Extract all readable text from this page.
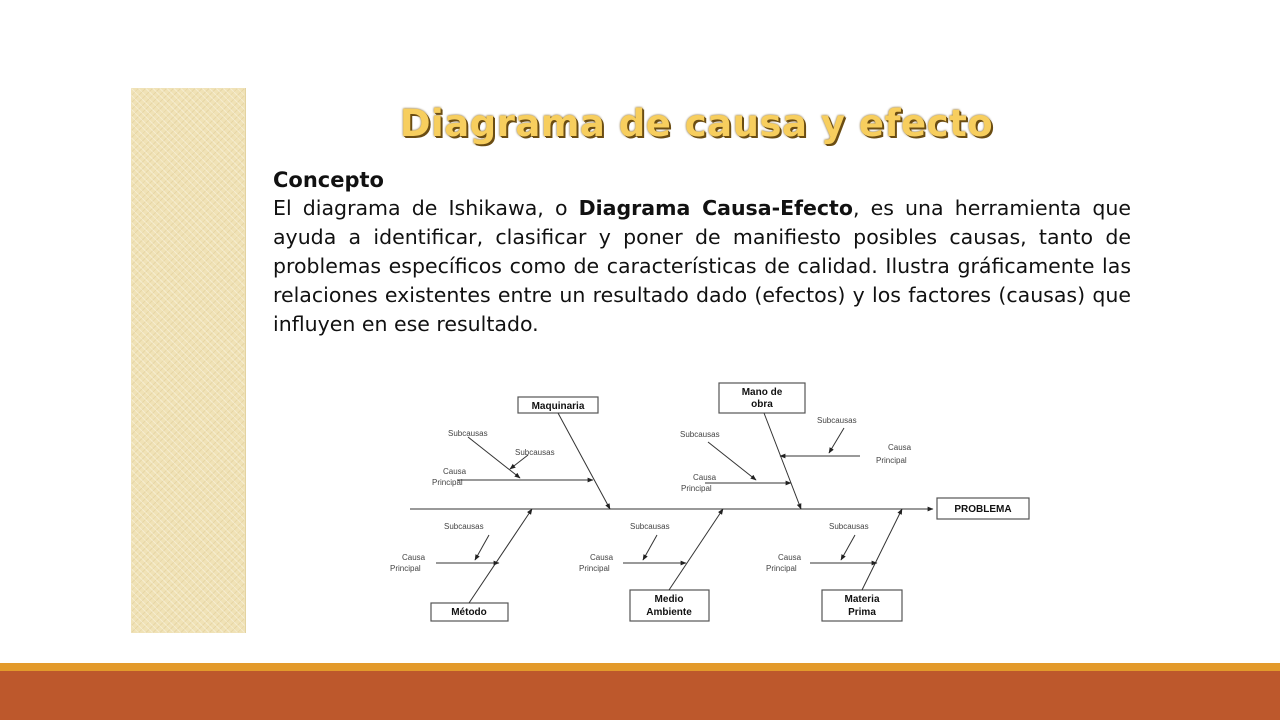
Diagrama de causa y efecto
Concepto

El diagrama de Ishikawa, o Diagrama Causa-Efecto, es una herramienta que ayuda a identificar, clasificar y poner de manifiesto posibles causas, tanto de problemas específicos como de características de calidad. Ilustra gráficamente las relaciones existentes entre un resultado dado (efectos) y los factores (causas) que influyen en ese resultado.

PROBLEMA
Maquinaria
Subcausas
Subcausas
Causa
Principal
Mano de
obra
Subcausas
Subcausas
Causa
Principal
Causa
Principal
Método
Subcausas
Causa
Principal
Medio
Ambiente
Subcausas
Causa
Principal
Materia
Prima
Subcausas
Causa
Principal
